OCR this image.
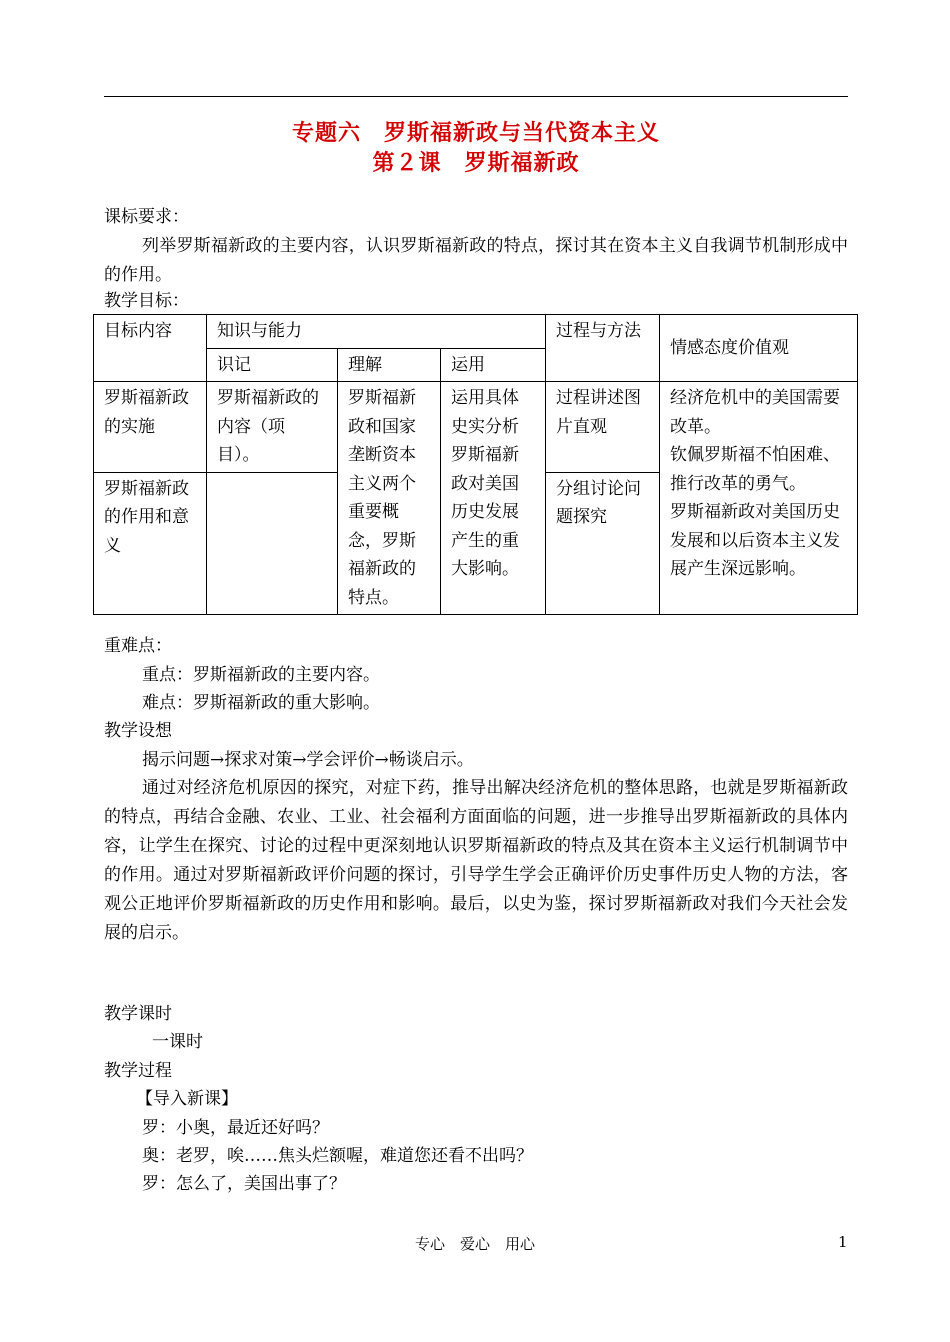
专题六　罗斯福新政与当代资本主义
第２课　罗斯福新政
课标要求：
列举罗斯福新政的主要内容，认识罗斯福新政的特点，探讨其在资本主义自我调节机制形成中的作用。
教学目标：
目标内容	知识与能力			过程与方法	情感态度价值观
	识记	理解	运用		
罗斯福新政的实施	罗斯福新政的内容（项目）。	罗斯福新政和国家垄断资本主义两个重要概念，罗斯福新政的特点。	运用具体史实分析罗斯福新政对美国历史发展产生的重大影响。	过程讲述图片直观	经济危机中的美国需要改革。
钦佩罗斯福不怕困难、推行改革的勇气。
罗斯福新政对美国历史发展和以后资本主义发展产生深远影响。

罗斯福新政的作用和意义				分组讨论问题探究	
重难点：
重点：罗斯福新政的主要内容。
难点：罗斯福新政的重大影响。
教学设想
揭示问题→探求对策→学会评价→畅谈启示。
通过对经济危机原因的探究，对症下药，推导出解决经济危机的整体思路，也就是罗斯福新政的特点，再结合金融、农业、工业、社会福利方面面临的问题，进一步推导出罗斯福新政的具体内容，让学生在探究、讨论的过程中更深刻地认识罗斯福新政的特点及其在资本主义运行机制调节中的作用。通过对罗斯福新政评价问题的探讨，引导学生学会正确评价历史事件历史人物的方法，客观公正地评价罗斯福新政的历史作用和影响。最后，以史为鉴，探讨罗斯福新政对我们今天社会发展的启示。
教学课时
一课时
教学过程
【导入新课】
罗：小奥，最近还好吗？
奥：老罗，唉……焦头烂额喔，难道您还看不出吗？
罗：怎么了，美国出事了？
专心　爱心　用心	1
